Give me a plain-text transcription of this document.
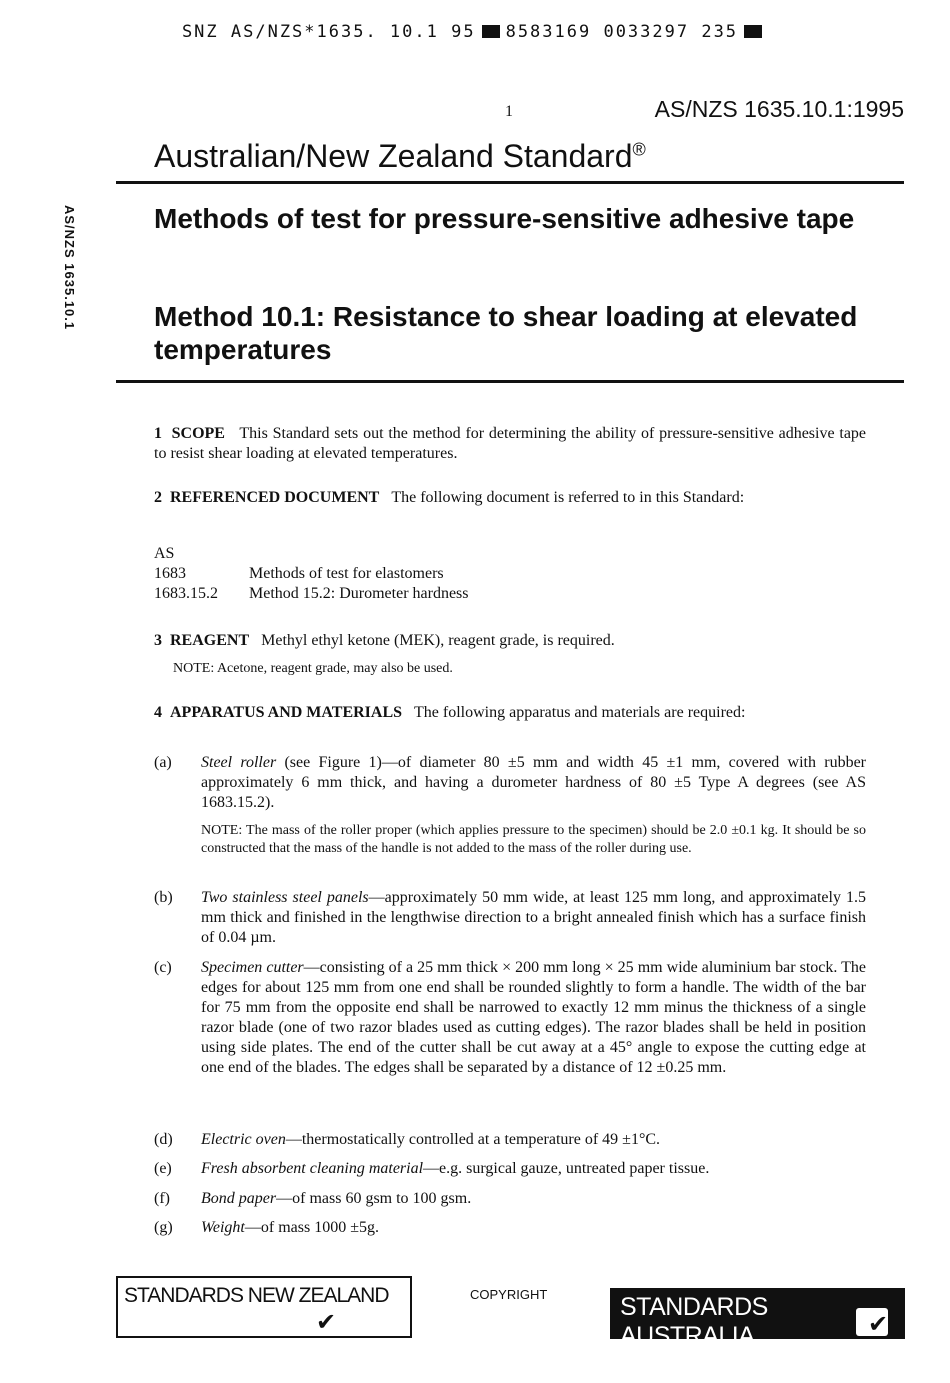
SNZ AS/NZS*1635. 10.1 95 8583169 0033297 235
1	AS/NZS 1635.10.1:1995
Australian/New Zealand Standard®
AS/NZS 1635.10.1	Methods of test for pressure-sensitive adhesive tape
Method 10.1: Resistance to shear loading at elevated temperatures
1 SCOPE This Standard sets out the method for determining the ability of pressure-sensitive adhesive tape to resist shear loading at elevated temperatures.
2 REFERENCED DOCUMENT The following document is referred to in this Standard:
AS
1683	Methods of test for elastomers
1683.15.2	Method 15.2: Durometer hardness
3 REAGENT Methyl ethyl ketone (MEK), reagent grade, is required.
NOTE: Acetone, reagent grade, may also be used.
4 APPARATUS AND MATERIALS The following apparatus and materials are required:
(a)	Steel roller (see Figure 1)—of diameter 80 ±5 mm and width 45 ±1 mm, covered with rubber approximately 6 mm thick, and having a durometer hardness of 80 ±5 Type A degrees (see AS 1683.15.2).
NOTE: The mass of the roller proper (which applies pressure to the specimen) should be 2.0 ±0.1 kg. It should be so constructed that the mass of the handle is not added to the mass of the roller during use.
(b)	Two stainless steel panels—approximately 50 mm wide, at least 125 mm long, and approximately 1.5 mm thick and finished in the lengthwise direction to a bright annealed finish which has a surface finish of 0.04 µm.
(c)	Specimen cutter—consisting of a 25 mm thick × 200 mm long × 25 mm wide aluminium bar stock. The edges for about 125 mm from one end shall be rounded slightly to form a handle. The width of the bar for 75 mm from the opposite end shall be narrowed to exactly 12 mm minus the thickness of a single razor blade (one of two razor blades used as cutting edges). The razor blades shall be held in position using side plates. The end of the cutter shall be cut away at a 45° angle to expose the cutting edge at one end of the blades. The edges shall be separated by a distance of 12 ±0.25 mm.
(d)	Electric oven—thermostatically controlled at a temperature of 49 ±1°C.
(e)	Fresh absorbent cleaning material—e.g. surgical gauze, untreated paper tissue.
(f)	Bond paper—of mass 60 gsm to 100 gsm.
(g)	Weight—of mass 1000 ±5g.
STANDARDS NEW ZEALAND
✔
COPYRIGHT	STANDARDS AUSTRALIA	✔
